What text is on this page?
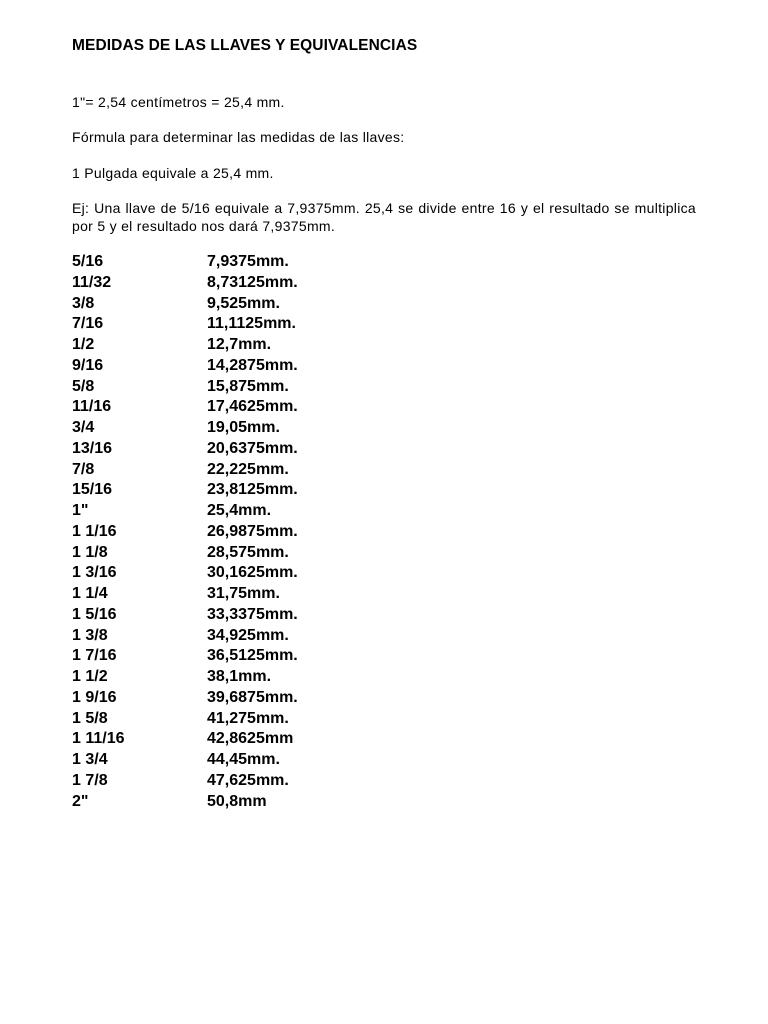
MEDIDAS DE LAS LLAVES Y EQUIVALENCIAS
1"= 2,54 centímetros = 25,4 mm.
Fórmula para determinar las medidas de las llaves:
1 Pulgada equivale a 25,4 mm.
Ej: Una llave de 5/16 equivale a 7,9375mm. 25,4 se divide entre 16 y el resultado se multiplica por 5 y el resultado nos dará 7,9375mm.
5/16	7,9375mm.
11/32	8,73125mm.
3/8	9,525mm.
7/16	11,1125mm.
1/2	12,7mm.
9/16	14,2875mm.
5/8	15,875mm.
11/16	17,4625mm.
3/4	19,05mm.
13/16	20,6375mm.
7/8	22,225mm.
15/16	23,8125mm.
1"	25,4mm.
1 1/16	26,9875mm.
1 1/8	28,575mm.
1 3/16	30,1625mm.
1 1/4	31,75mm.
1 5/16	33,3375mm.
1 3/8	34,925mm.
1 7/16	36,5125mm.
1 1/2	38,1mm.
1 9/16	39,6875mm.
1 5/8	41,275mm.
1 11/16	42,8625mm
1 3/4	44,45mm.
1 7/8	47,625mm.
2"	50,8mm
